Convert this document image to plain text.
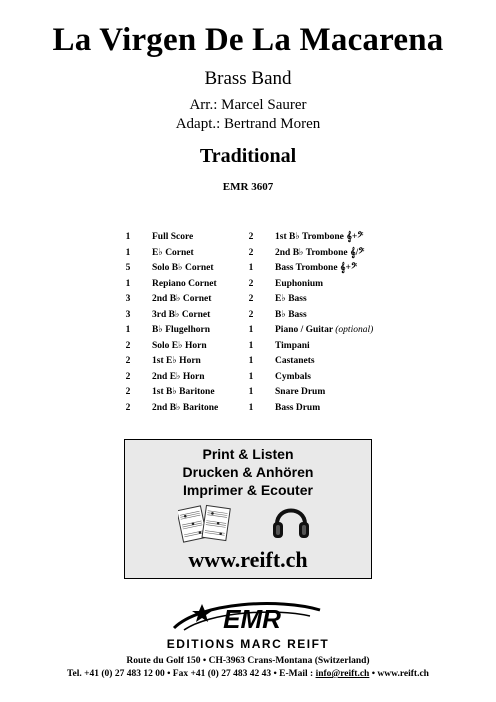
La Virgen De La Macarena
Brass Band
Arr.: Marcel Saurer
Adapt.: Bertrand Moren
Traditional
EMR 3607
1	Full Score
1	E♭ Cornet
5	Solo B♭ Cornet
1	Repiano Cornet
3	2nd B♭ Cornet
3	3rd B♭ Cornet
1	B♭ Flugelhorn
2	Solo E♭ Horn
2	1st E♭ Horn
2	2nd E♭ Horn
2	1st B♭ Baritone
2	2nd B♭ Baritone
2	1st B♭ Trombone 𝄞+𝄢
2	2nd B♭ Trombone 𝄞/𝄢
1	Bass Trombone 𝄞+𝄢
2	Euphonium
2	E♭ Bass
2	B♭ Bass
1	Piano / Guitar (optional)
1	Timpani
1	Castanets
1	Cymbals
1	Snare Drum
1	Bass Drum
Print & Listen
Drucken & Anhören
Imprimer & Ecouter
www.reift.ch
EMR
EDITIONS MARC REIFT
Route du Golf 150 • CH-3963 Crans-Montana (Switzerland)
Tel. +41 (0) 27 483 12 00 • Fax +41 (0) 27 483 42 43 • E-Mail : info@reift.ch • www.reift.ch
